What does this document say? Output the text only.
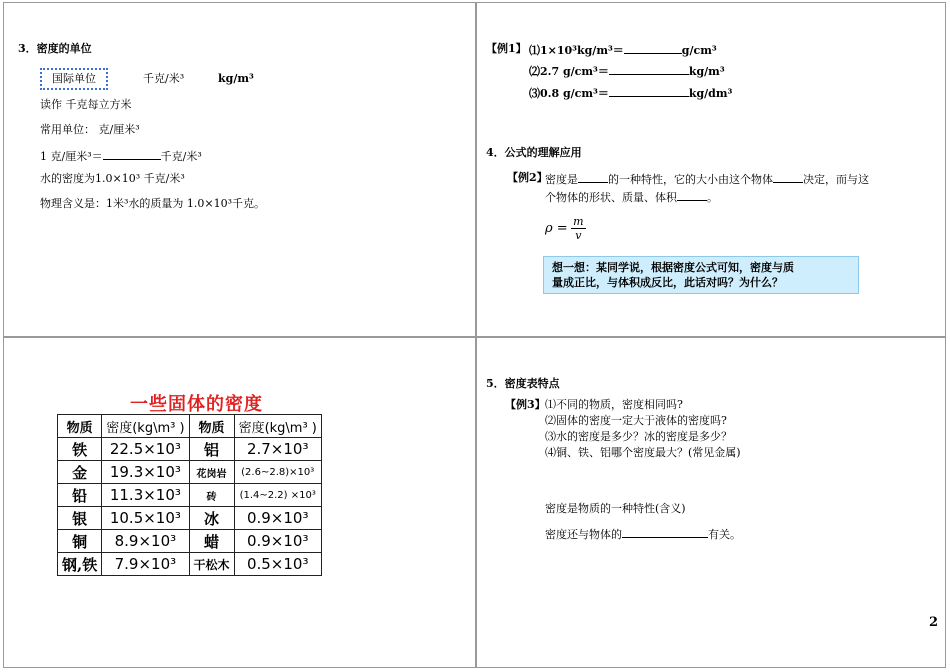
3．密度的单位
国际单位	千克/米³	kg/m³
读作 千克每立方米
常用单位： 克/厘米³
1 克/厘米³＝	千克/米³
水的密度为1.0×10³ 千克/米³
物理含义是：1米³水的质量为 1.0×10³千克。
【例1】 ⑴1×10³kg/m³＝	g/cm³
⑵2.7 g/cm³＝	kg/m³
⑶0.8 g/cm³＝	kg/dm³
4．公式的理解应用
【例2】
密度是	的一种特性，它的大小由这个物体	决定，而与这
个物体的形状、质量、体积	。
$\rho = \frac{m}{v}$
想一想：某同学说，根据密度公式可知，密度与质
量成正比，与体积成反比，此话对吗？为什么？
一些固体的密度
物质	密度(kg\m³ )	物质	密度(kg\m³ )
铁	22.5×10³	铝	2.7×10³
金	19.3×10³	花岗岩	(2.6~2.8)×10³
铅	11.3×10³	砖	(1.4~2.2) ×10³
银	10.5×10³	冰	0.9×10³
铜	8.9×10³	蜡	0.9×10³
钢,铁	7.9×10³	干松木	0.5×10³
5．密度表特点
【例3】 ⑴不同的物质，密度相同吗?
⑵固体的密度一定大于液体的密度吗?
⑶水的密度是多少？冰的密度是多少？
⑷铜、铁、铝哪个密度最大？(常见金属)
密度是物质的一种特性(含义)
密度还与物体的	有关。
2
